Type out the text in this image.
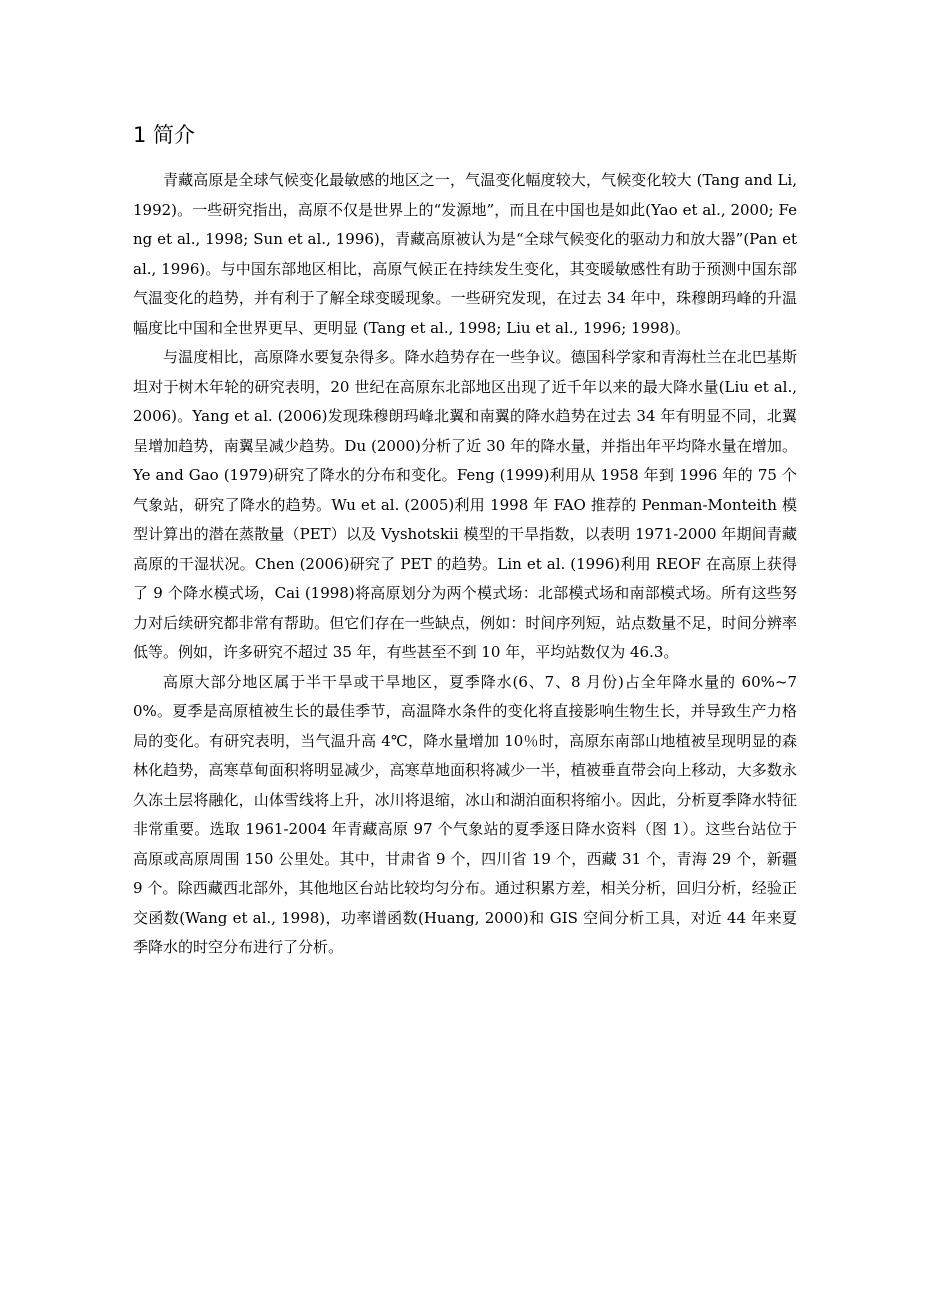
1 简介

青藏高原是全球气候变化最敏感的地区之一，气温变化幅度较大，气候变化较大 (Tang and Li, 1992)。一些研究指出，高原不仅是世界上的“发源地”，而且在中国也是如此(Yao et al., 2000; Feng et al., 1998; Sun et al., 1996)，青藏高原被认为是“全球气候变化的驱动力和放大器”(Pan et al., 1996)。与中国东部地区相比，高原气候正在持续发生变化，其变暖敏感性有助于预测中国东部气温变化的趋势，并有利于了解全球变暖现象。一些研究发现，在过去 34 年中，珠穆朗玛峰的升温幅度比中国和全世界更早、更明显 (Tang et al., 1998; Liu et al., 1996; 1998)。

与温度相比，高原降水要复杂得多。降水趋势存在一些争议。德国科学家和青海杜兰在北巴基斯坦对于树木年轮的研究表明，20 世纪在高原东北部地区出现了近千年以来的最大降水量(Liu et al., 2006)。Yang et al. (2006)发现珠穆朗玛峰北翼和南翼的降水趋势在过去 34 年有明显不同，北翼呈增加趋势，南翼呈减少趋势。Du (2000)分析了近 30 年的降水量，并指出年平均降水量在增加。Ye and Gao (1979)研究了降水的分布和变化。Feng (1999)利用从 1958 年到 1996 年的 75 个气象站，研究了降水的趋势。Wu et al. (2005)利用 1998 年 FAO 推荐的 Penman-Monteith 模型计算出的潜在蒸散量（PET）以及 Vyshotskii 模型的干旱指数，以表明 1971-2000 年期间青藏高原的干湿状况。Chen (2006)研究了 PET 的趋势。Lin et al. (1996)利用 REOF 在高原上获得了 9 个降水模式场，Cai (1998)将高原划分为两个模式场：北部模式场和南部模式场。所有这些努力对后续研究都非常有帮助。但它们存在一些缺点，例如：时间序列短，站点数量不足，时间分辨率低等。例如，许多研究不超过 35 年，有些甚至不到 10 年，平均站数仅为 46.3。

高原大部分地区属于半干旱或干旱地区，夏季降水(6、7、8 月份)占全年降水量的 60%~70%。夏季是高原植被生长的最佳季节，高温降水条件的变化将直接影响生物生长，并导致生产力格局的变化。有研究表明，当气温升高 4℃，降水量增加 10％时，高原东南部山地植被呈现明显的森林化趋势，高寒草甸面积将明显减少，高寒草地面积将减少一半，植被垂直带会向上移动，大多数永久冻土层将融化，山体雪线将上升，冰川将退缩，冰山和湖泊面积将缩小。因此，分析夏季降水特征非常重要。选取 1961-2004 年青藏高原 97 个气象站的夏季逐日降水资料（图 1）。这些台站位于高原或高原周围 150 公里处。其中，甘肃省 9 个，四川省 19 个，西藏 31 个，青海 29 个，新疆 9 个。除西藏西北部外，其他地区台站比较均匀分布。通过积累方差，相关分析，回归分析，经验正交函数(Wang et al., 1998)，功率谱函数(Huang, 2000)和 GIS 空间分析工具，对近 44 年来夏季降水的时空分布进行了分析。
